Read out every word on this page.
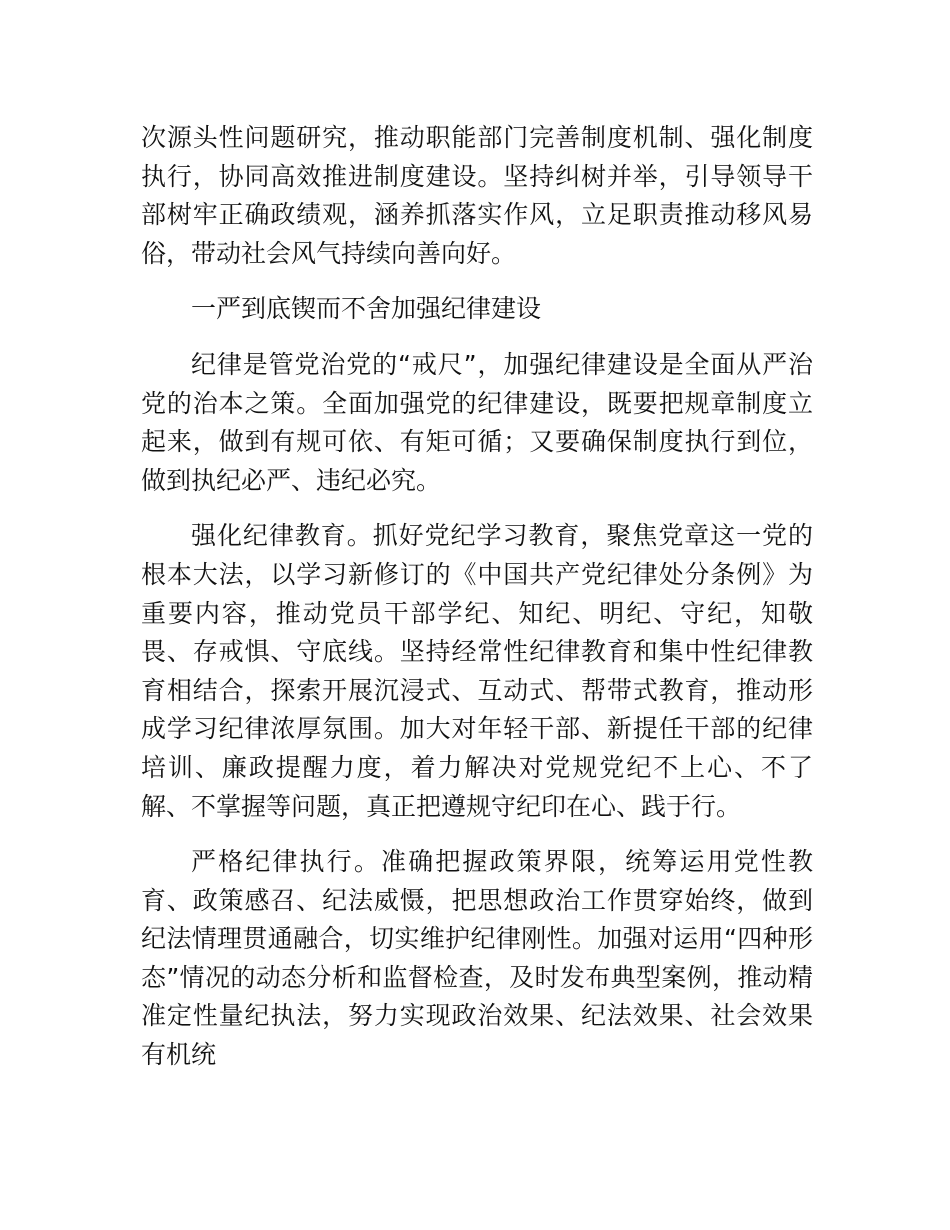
次源头性问题研究，推动职能部门完善制度机制、强化制度执行，协同高效推进制度建设。坚持纠树并举，引导领导干部树牢正确政绩观，涵养抓落实作风，立足职责推动移风易俗，带动社会风气持续向善向好。

一严到底锲而不舍加强纪律建设

纪律是管党治党的“戒尺”，加强纪律建设是全面从严治党的治本之策。全面加强党的纪律建设，既要把规章制度立起来，做到有规可依、有矩可循；又要确保制度执行到位，做到执纪必严、违纪必究。

强化纪律教育。抓好党纪学习教育，聚焦党章这一党的根本大法，以学习新修订的《中国共产党纪律处分条例》为重要内容，推动党员干部学纪、知纪、明纪、守纪，知敬畏、存戒惧、守底线。坚持经常性纪律教育和集中性纪律教育相结合，探索开展沉浸式、互动式、帮带式教育，推动形成学习纪律浓厚氛围。加大对年轻干部、新提任干部的纪律培训、廉政提醒力度，着力解决对党规党纪不上心、不了解、不掌握等问题，真正把遵规守纪印在心、践于行。

严格纪律执行。准确把握政策界限，统筹运用党性教育、政策感召、纪法威慑，把思想政治工作贯穿始终，做到纪法情理贯通融合，切实维护纪律刚性。加强对运用“四种形态”情况的动态分析和监督检查，及时发布典型案例，推动精准定性量纪执法，努力实现政治效果、纪法效果、社会效果有机统
